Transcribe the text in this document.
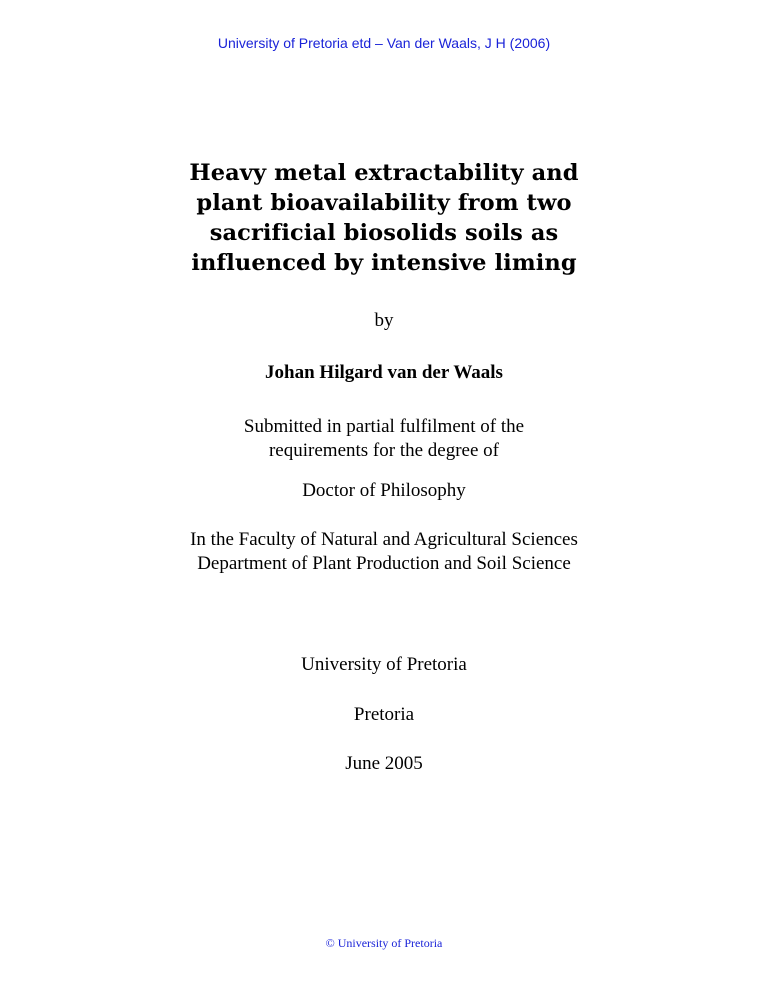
University of Pretoria etd – Van der Waals, J H (2006)

Heavy metal extractability and
plant bioavailability from two
sacrificial biosolids soils as
influenced by intensive liming

by

Johan Hilgard van der Waals

Submitted in partial fulfilment of the

requirements for the degree of

Doctor of Philosophy

In the Faculty of Natural and Agricultural Sciences

Department of Plant Production and Soil Science

University of Pretoria

Pretoria

June 2005

© University of Pretoria
